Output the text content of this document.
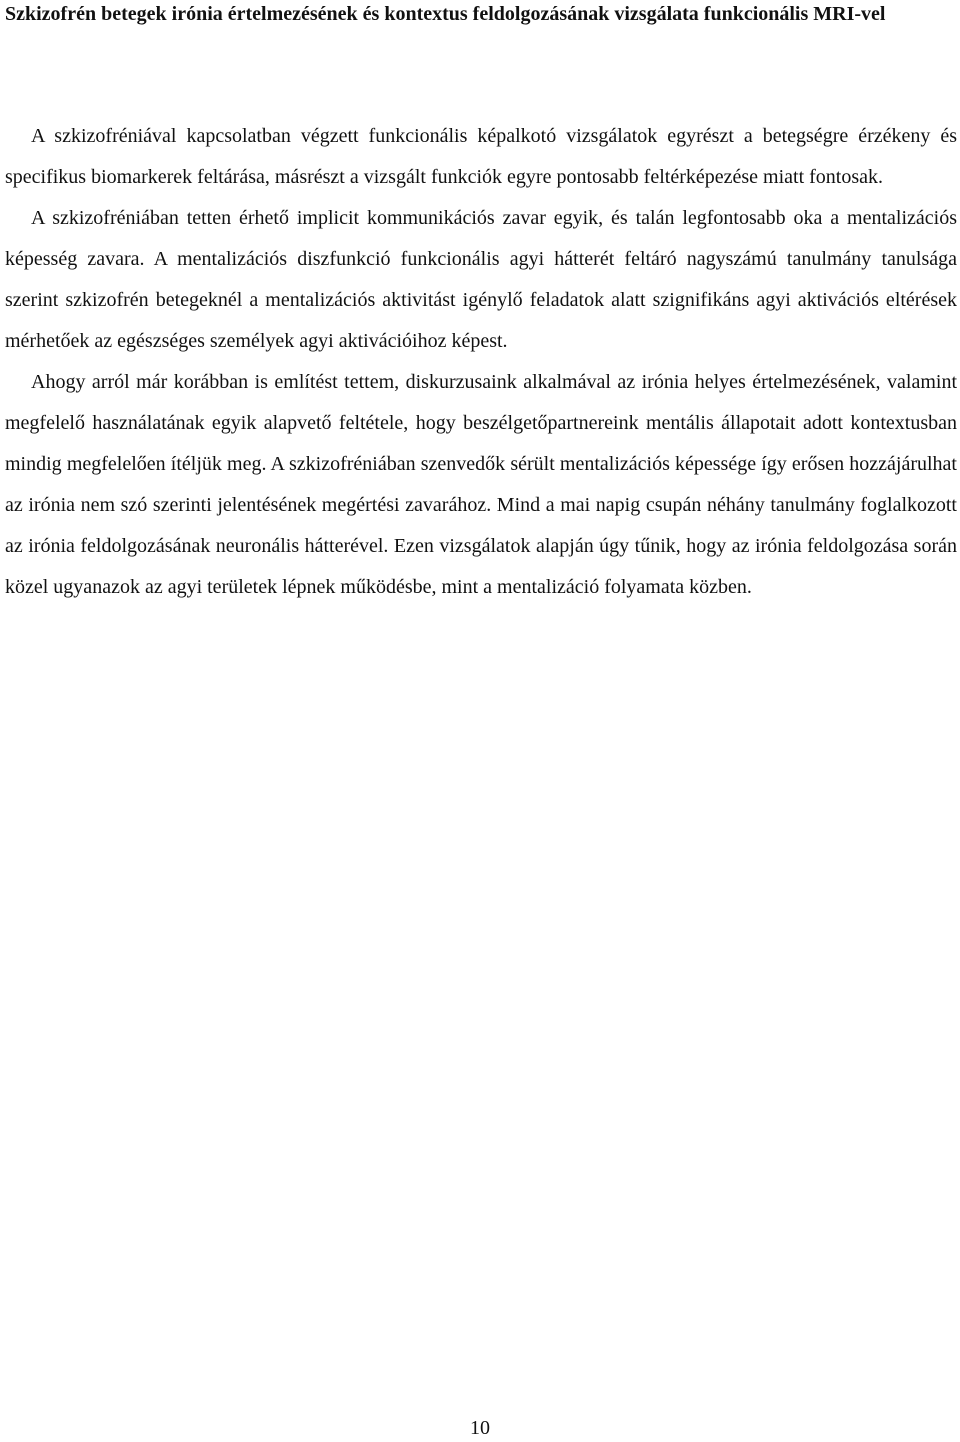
Szkizofrén betegek irónia értelmezésének és kontextus feldolgozásának vizsgálata funkcionális MRI-vel

A szkizofréniával kapcsolatban végzett funkcionális képalkotó vizsgálatok egyrészt a betegségre érzékeny és specifikus biomarkerek feltárása, másrészt a vizsgált funkciók egyre pontosabb feltérképezése miatt fontosak.

A szkizofréniában tetten érhető implicit kommunikációs zavar egyik, és talán legfontosabb oka a mentalizációs képesség zavara. A mentalizációs diszfunkció funkcionális agyi hátterét feltáró nagyszámú tanulmány tanulsága szerint szkizofrén betegeknél a mentalizációs aktivitást igénylő feladatok alatt szignifikáns agyi aktivációs eltérések mérhetőek az egészséges személyek agyi aktivációihoz képest.

Ahogy arról már korábban is említést tettem, diskurzusaink alkalmával az irónia helyes értelmezésének, valamint megfelelő használatának egyik alapvető feltétele, hogy beszélgetőpartnereink mentális állapotait adott kontextusban mindig megfelelően ítéljük meg. A szkizofréniában szenvedők sérült mentalizációs képessége így erősen hozzájárulhat az irónia nem szó szerinti jelentésének megértési zavarához. Mind a mai napig csupán néhány tanulmány foglalkozott az irónia feldolgozásának neuronális hátterével. Ezen vizsgálatok alapján úgy tűnik, hogy az irónia feldolgozása során közel ugyanazok az agyi területek lépnek működésbe, mint a mentalizáció folyamata közben.

10
